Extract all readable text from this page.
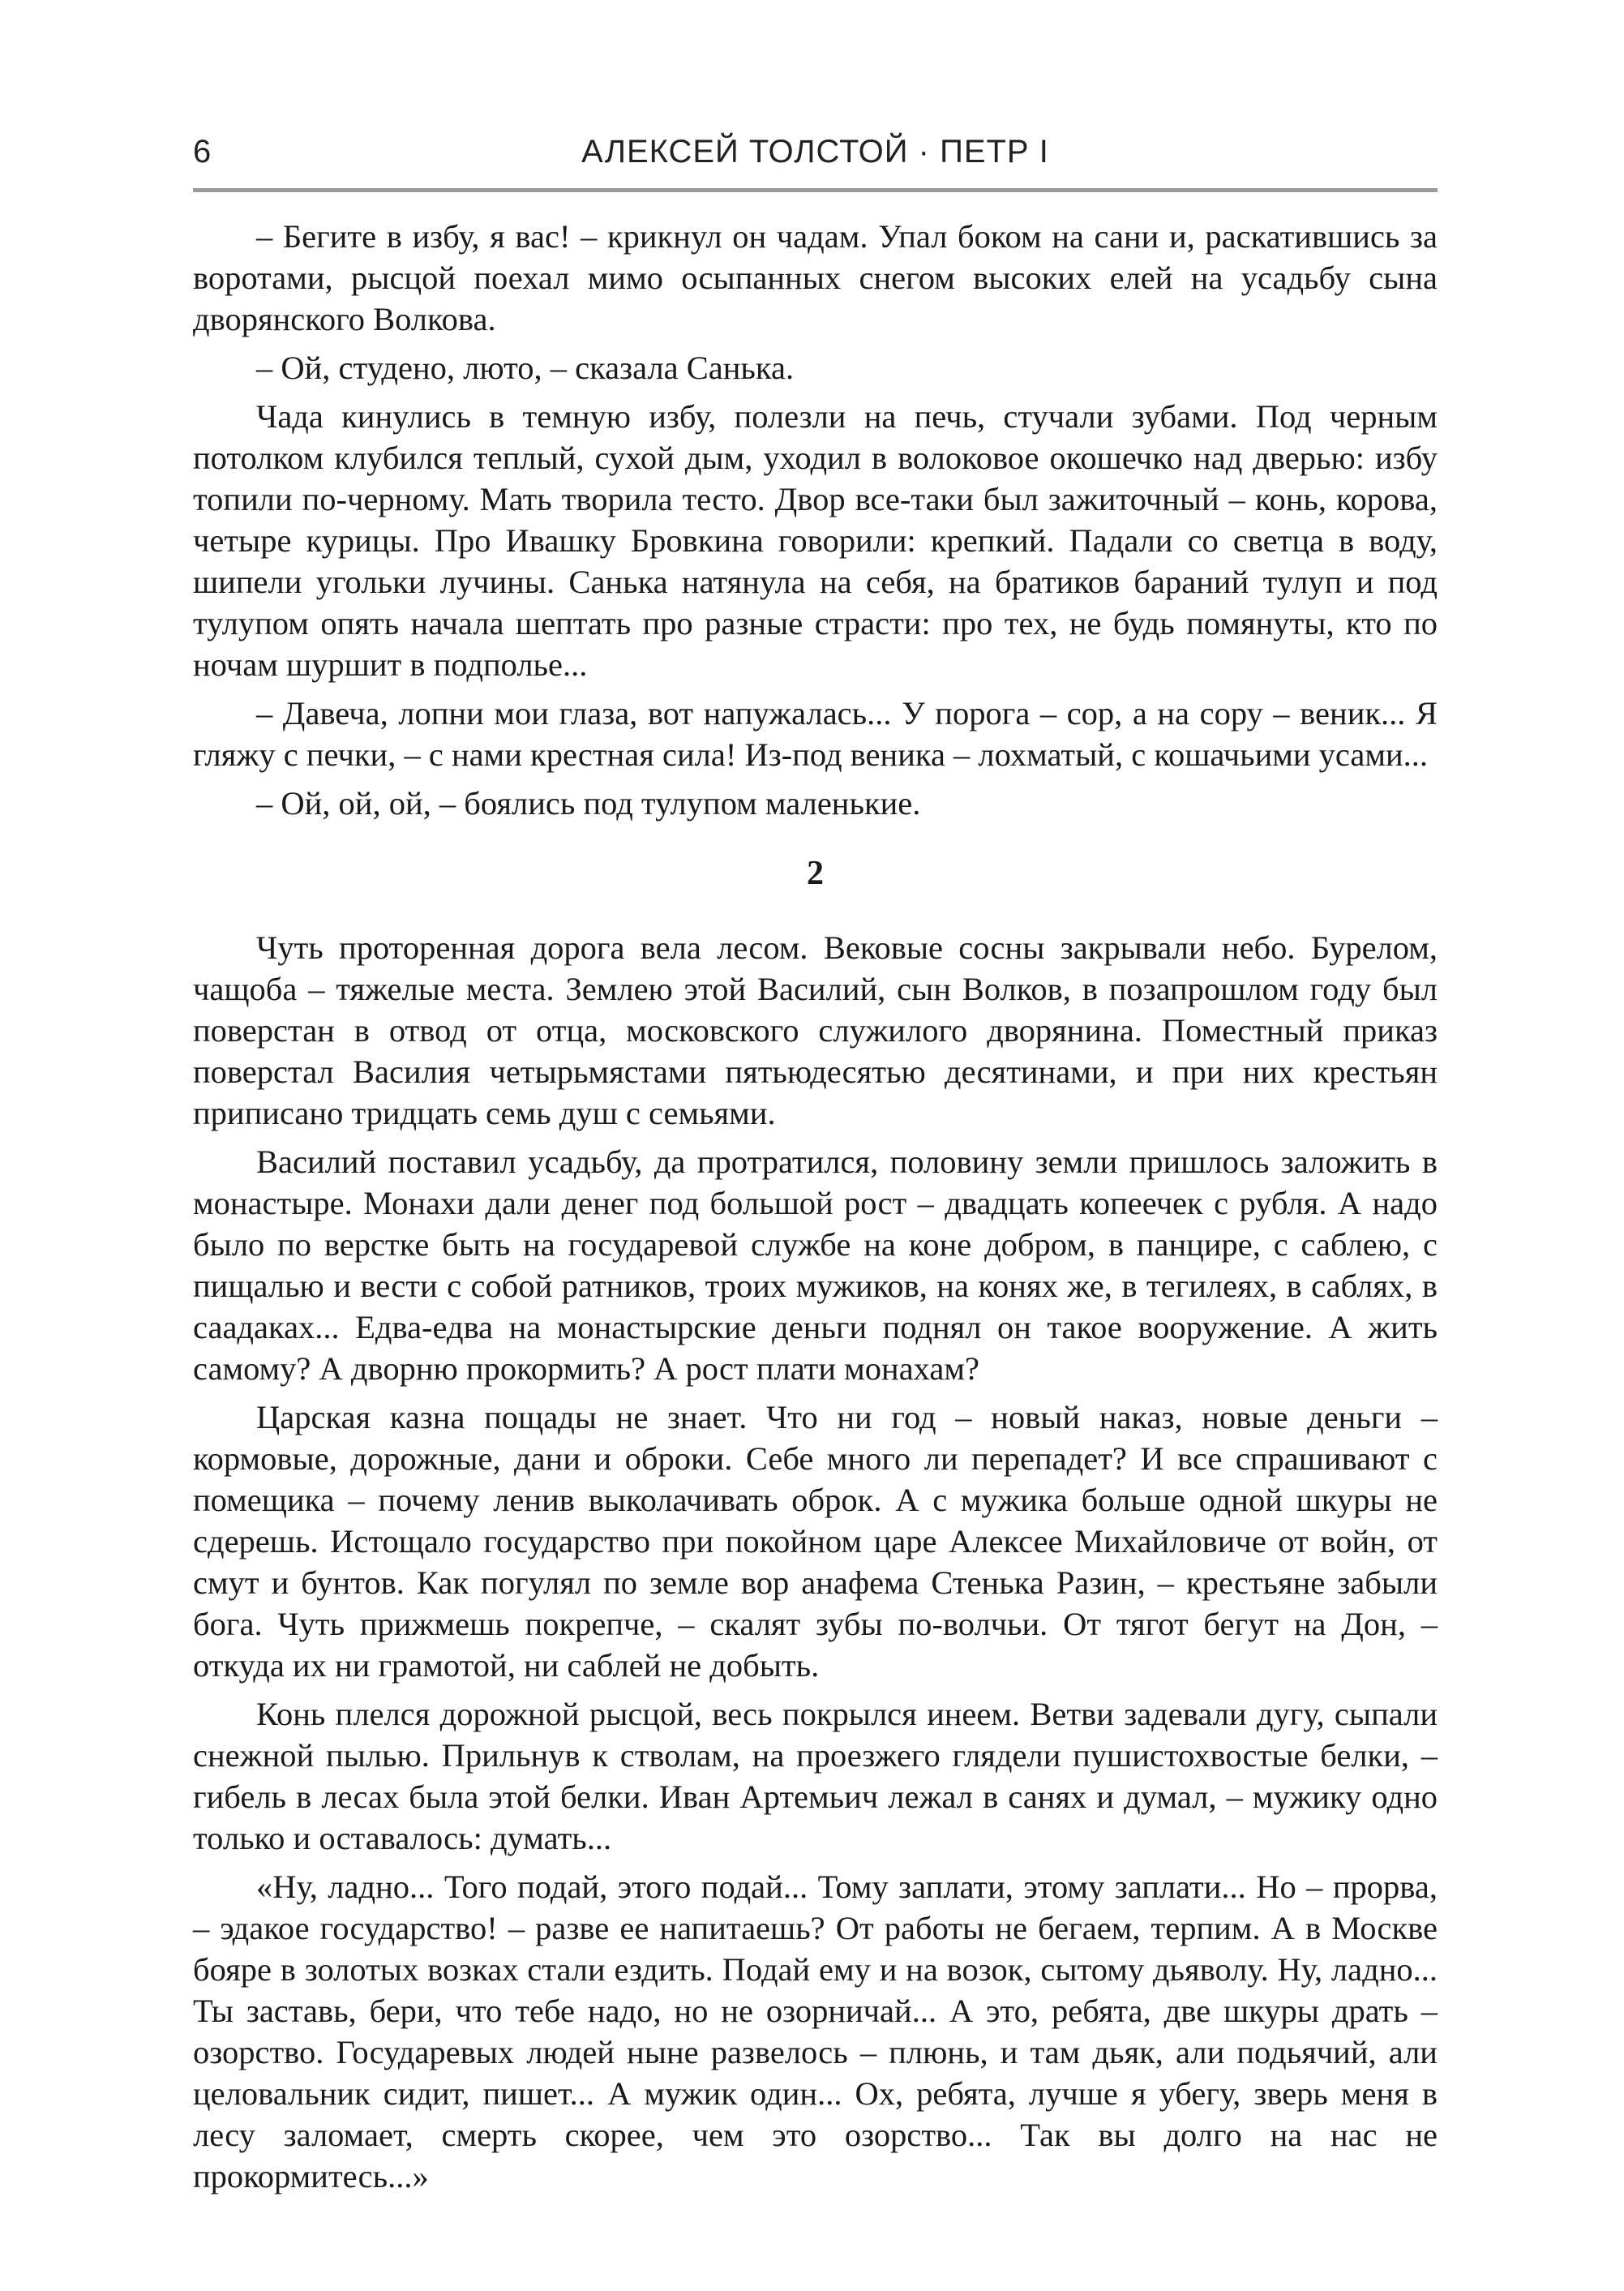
6	АЛЕКСЕЙ ТОЛСТОЙ · ПЕТР I

– Бегите в избу, я вас! – крикнул он чадам. Упал боком на сани и, раскатившись за воротами, рысцой поехал мимо осыпанных снегом высоких елей на усадьбу сына дворянского Волкова.

– Ой, студено, люто, – сказала Санька.

Чада кинулись в темную избу, полезли на печь, стучали зубами. Под черным потолком клубился теплый, сухой дым, уходил в волоковое окошечко над дверью: избу топили по-черному. Мать творила тесто. Двор все-таки был зажиточный – конь, корова, четыре курицы. Про Ивашку Бровкина говорили: крепкий. Падали со светца в воду, шипели угольки лучины. Санька натянула на себя, на братиков бараний тулуп и под тулупом опять начала шептать про разные страсти: про тех, не будь помянуты, кто по ночам шуршит в подполье...

– Давеча, лопни мои глаза, вот напужалась... У порога – сор, а на сору – веник... Я гляжу с печки, – с нами крестная сила! Из-под веника – лохматый, с кошачьими усами...

– Ой, ой, ой, – боялись под тулупом маленькие.

2

Чуть проторенная дорога вела лесом. Вековые сосны закрывали небо. Бурелом, чащоба – тяжелые места. Землею этой Василий, сын Волков, в позапрошлом году был поверстан в отвод от отца, московского служилого дворянина. Поместный приказ поверстал Василия четырьмястами пятьюдесятью десятинами, и при них крестьян приписано тридцать семь душ с семьями.

Василий поставил усадьбу, да протратился, половину земли пришлось заложить в монастыре. Монахи дали денег под большой рост – двадцать копеечек с рубля. А надо было по верстке быть на государевой службе на коне добром, в панцире, с саблею, с пищалью и вести с собой ратников, троих мужиков, на конях же, в тегилеях, в саблях, в саадаках... Едва-едва на монастырские деньги поднял он такое вооружение. А жить самому? А дворню прокормить? А рост плати монахам?

Царская казна пощады не знает. Что ни год – новый наказ, новые деньги – кормовые, дорожные, дани и оброки. Себе много ли перепадет? И все спрашивают с помещика – почему ленив выколачивать оброк. А с мужика больше одной шкуры не сдерешь. Истощало государство при покойном царе Алексее Михайловиче от войн, от смут и бунтов. Как погулял по земле вор анафема Стенька Разин, – крестьяне забыли бога. Чуть прижмешь покрепче, – скалят зубы по-волчьи. От тягот бегут на Дон, – откуда их ни грамотой, ни саблей не добыть.

Конь плелся дорожной рысцой, весь покрылся инеем. Ветви задевали дугу, сыпали снежной пылью. Прильнув к стволам, на проезжего глядели пушистохвостые белки, – гибель в лесах была этой белки. Иван Артемьич лежал в санях и думал, – мужику одно только и оставалось: думать...

«Ну, ладно... Того подай, этого подай... Тому заплати, этому заплати... Но – прорва, – эдакое государство! – разве ее напитаешь? От работы не бегаем, терпим. А в Москве бояре в золотых возках стали ездить. Подай ему и на возок, сытому дьяволу. Ну, ладно... Ты заставь, бери, что тебе надо, но не озорничай... А это, ребята, две шкуры драть – озорство. Государевых людей ныне развелось – плюнь, и там дьяк, али подьячий, али целовальник сидит, пишет... А мужик один... Ох, ребята, лучше я убегу, зверь меня в лесу заломает, смерть скорее, чем это озорство... Так вы долго на нас не прокормитесь...»
